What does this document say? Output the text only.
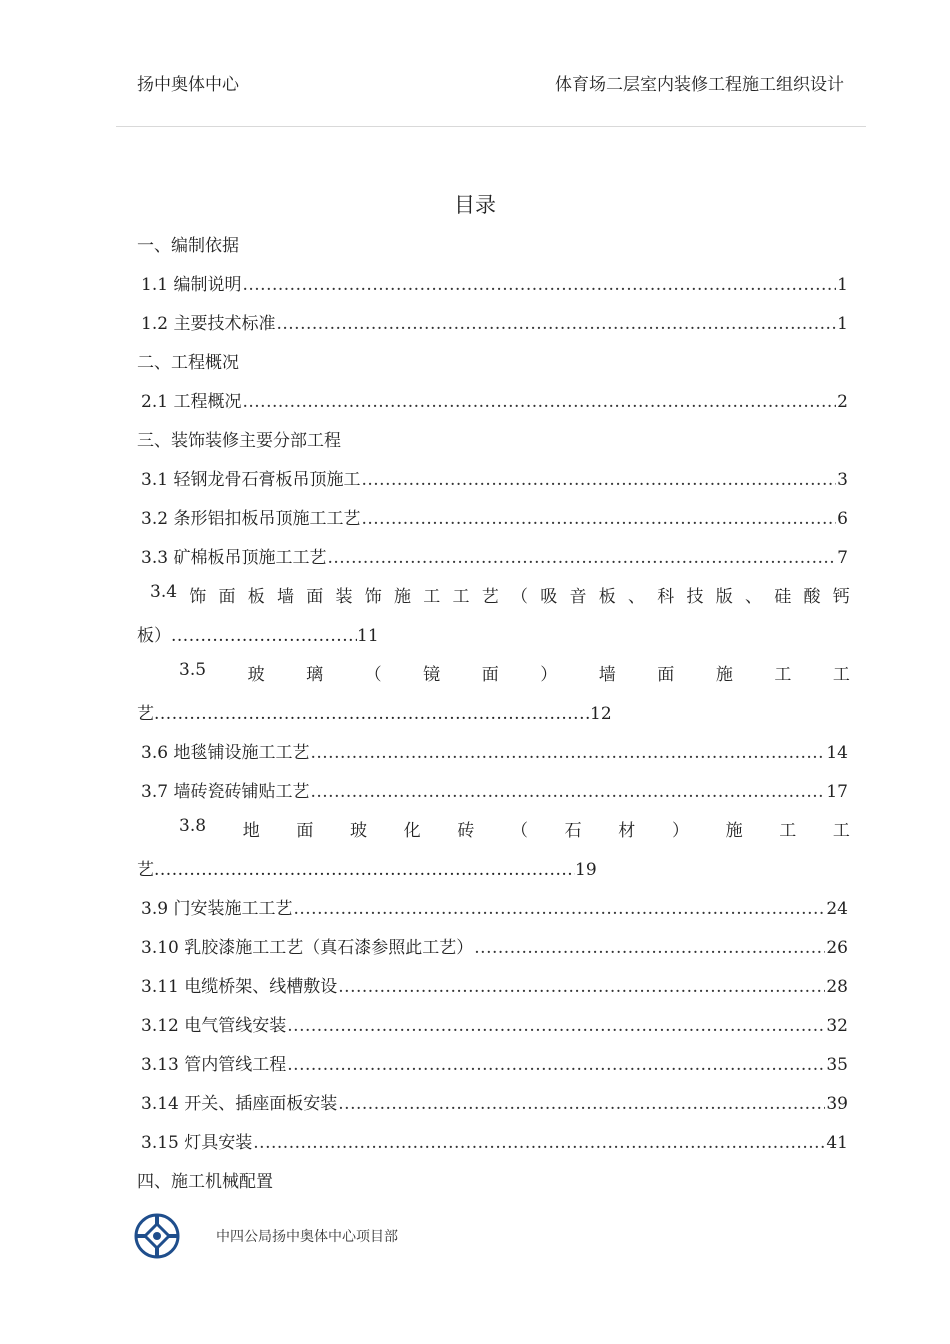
扬中奥体中心	体育场二层室内装修工程施工组织设计
目录
一、编制依据
1.1 编制说明 .....	1
1.2 主要技术标准 .....	1
二、工程概况
2.1 工程概况 .....	2
三、装饰装修主要分部工程
3.1 轻钢龙骨石膏板吊顶施工 .....	3
3.2 条形铝扣板吊顶施工工艺 .....	6
3.3 矿棉板吊顶施工工艺 .....	7
3.4 饰 面 板 墙 面 装 饰 施 工 工 艺 （ 吸 音 板 、 科 技 版 、 硅 酸 钙
板） .....	11
3.5 玻 璃 （ 镜 面 ） 墙 面 施 工 工
艺 .....	12
3.6 地毯铺设施工工艺 .....	14
3.7 墙砖瓷砖铺贴工艺 .....	17
3.8 地 面 玻 化 砖 （ 石 材 ） 施 工 工
艺 .....	19
3.9 门安装施工工艺 .....	24
3.10 乳胶漆施工工艺（真石漆参照此工艺） .....	26
3.11 电缆桥架、线槽敷设 .....	28
3.12 电气管线安装 .....	32
3.13 管内管线工程 .....	35
3.14 开关、插座面板安装 .....	39
3.15 灯具安装 .....	41
四、施工机械配置
中四公局扬中奥体中心项目部
